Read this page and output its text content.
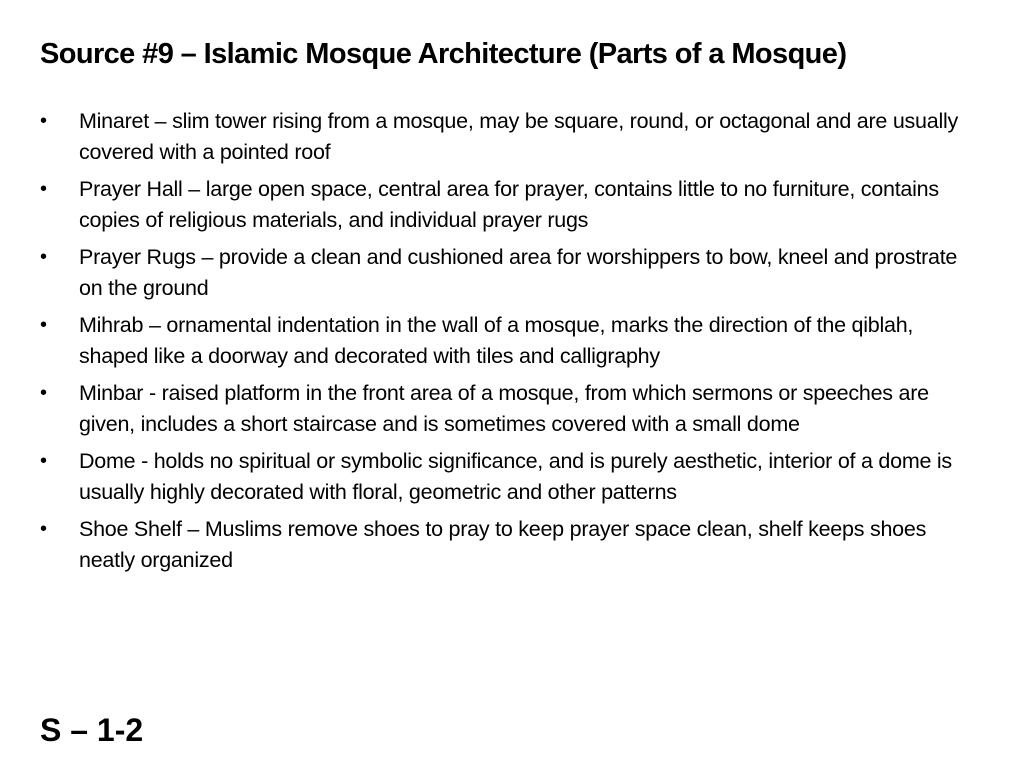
Source #9 – Islamic Mosque Architecture (Parts of a Mosque)
•	Minaret – slim tower rising from a mosque, may be square, round, or octagonal and are usually covered with a pointed roof
•	Prayer Hall – large open space, central area for prayer, contains little to no furniture, contains copies of religious materials, and individual prayer rugs
•	Prayer Rugs – provide a clean and cushioned area for worshippers to bow, kneel and prostrate on the ground
•	Mihrab – ornamental indentation in the wall of a mosque, marks the direction of the qiblah, shaped like a doorway and decorated with tiles and calligraphy
•	Minbar - raised platform in the front area of a mosque, from which sermons or speeches are given, includes a short staircase and is sometimes covered with a small dome
•	Dome - holds no spiritual or symbolic significance, and is purely aesthetic, interior of a dome is usually highly decorated with floral, geometric and other patterns
•	Shoe Shelf – Muslims remove shoes to pray to keep prayer space clean, shelf keeps shoes neatly organized

S – 1-2
